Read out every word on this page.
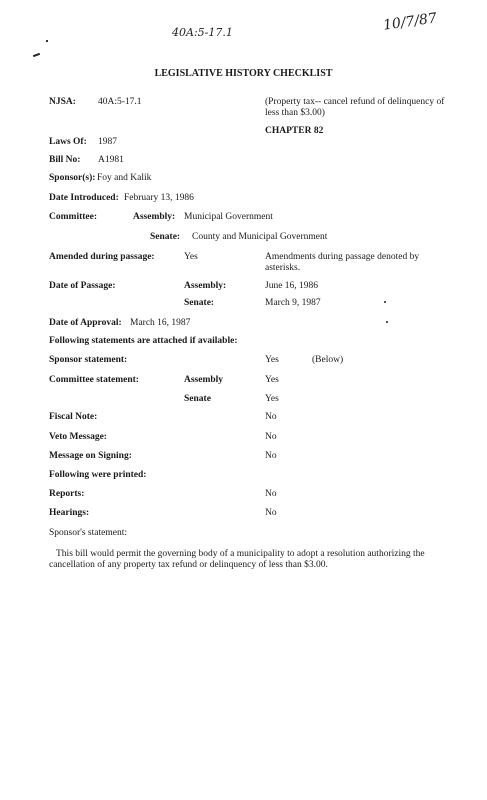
40A:5-17.1	10/7/87
LEGISLATIVE HISTORY CHECKLIST
NJSA: 40A:5-17.1	(Property tax-- cancel refund of delinquency of less than $3.00)
CHAPTER 82
Laws Of: 1987
Bill No: A1981
Sponsor(s): Foy and Kalik
Date Introduced: February 13, 1986
Committee:	Assembly: Municipal Government
Senate: County and Municipal Government
Amended during passage:	Yes	Amendments during passage denoted by asterisks.
Date of Passage:	Assembly:	June 16, 1986
Senate:	March 9, 1987
Date of Approval: March 16, 1987
Following statements are attached if available:
Sponsor statement:	Yes	(Below)
Committee statement:	Assembly	Yes
Senate	Yes
Fiscal Note:	No
Veto Message:	No
Message on Signing:	No
Following were printed:
Reports:	No
Hearings:	No
Sponsor's statement:
This bill would permit the governing body of a municipality to adopt a resolution authorizing the cancellation of any property tax refund or delinquency of less than $3.00.
